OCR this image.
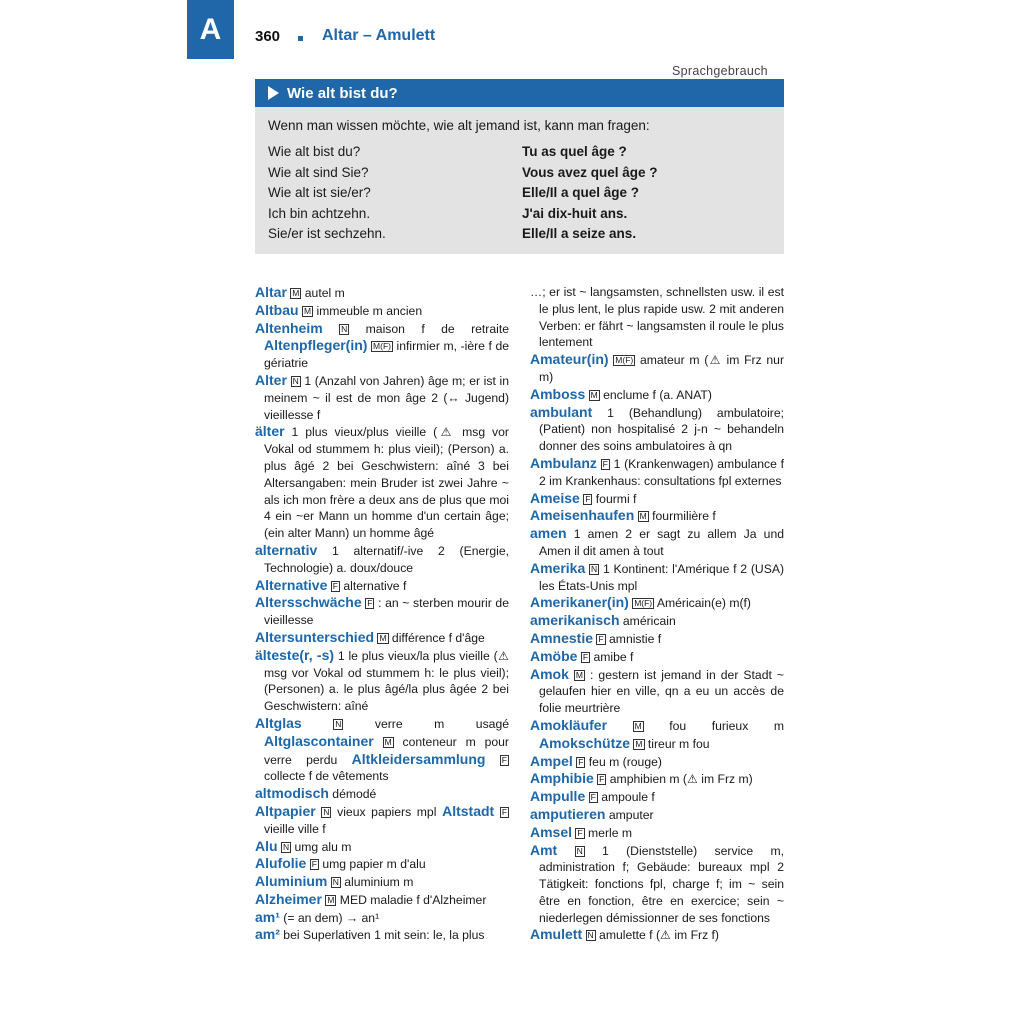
A	360	Altar – Amulett
Sprachgebrauch
Wie alt bist du?
Wenn man wissen möchte, wie alt jemand ist, kann man fragen:
Wie alt bist du?	Tu as quel âge ?
Wie alt sind Sie?	Vous avez quel âge ?
Wie alt ist sie/er?	Elle/Il a quel âge ?
Ich bin achtzehn.	J'ai dix-huit ans.
Sie/er ist sechzehn.	Elle/Il a seize ans.

Altar M autel m

Altbau M immeuble m ancien

Altenheim N maison f de retraite Altenpfleger(in) M(F) infirmier m, -ière f de gériatrie

Alter N 1 (Anzahl von Jahren) âge m; er ist in meinem ~ il est de mon âge 2 (↔ Jugend) vieillesse f

älter 1 plus vieux/plus vieille (⚠ msg vor Vokal od stummem h: plus vieil); (Person) a. plus âgé 2 bei Geschwistern: aîné 3 bei Altersangaben: mein Bruder ist zwei Jahre ~ als ich mon frère a deux ans de plus que moi 4 ein ~er Mann un homme d'un certain âge; (ein alter Mann) un homme âgé

alternativ 1 alternatif/-ive 2 (Energie, Technologie) a. doux/douce

Alternative F alternative f

Altersschwäche F : an ~ sterben mourir de vieillesse

Altersunterschied M différence f d'âge

älteste(r, -s) 1 le plus vieux/la plus vieille (⚠ msg vor Vokal od stummem h: le plus vieil); (Personen) a. le plus âgé/la plus âgée 2 bei Geschwistern: aîné

Altglas	N	verre m usagé Altglascontainer M conteneur m pour verre perdu Altkleidersammlung F collecte f de vêtements

altmodisch démodé

Altpapier N vieux papiers mpl Altstadt F vieille ville f

Alu N umg alu m

Alufolie F umg papier m d'alu

Aluminium N aluminium m

Alzheimer M MED maladie f d'Alzheimer

am¹ (= an dem) → an¹

am² bei Superlativen 1 mit sein: le, la plus

…; er ist ~ langsamsten, schnellsten usw. il est le plus lent, le plus rapide usw. 2 mit anderen Verben: er fährt ~ langsamsten il roule le plus lentement

Amateur(in) M(F) amateur m (⚠ im Frz nur m)

Amboss M enclume f (a. ANAT)

ambulant 1 (Behandlung) ambulatoire; (Patient) non hospitalisé 2 j-n ~ behandeln donner des soins ambulatoires à qn

Ambulanz F 1 (Krankenwagen) ambulance f 2 im Krankenhaus: consultations fpl externes

Ameise F fourmi f

Ameisenhaufen M fourmilière f

amen 1 amen 2 er sagt zu allem Ja und Amen il dit amen à tout

Amerika N 1 Kontinent: l'Amérique f 2 (USA) les États-Unis mpl

Amerikaner(in) M(F) Américain(e) m(f)

amerikanisch américain

Amnestie F amnistie f

Amöbe F amibe f

Amok M : gestern ist jemand in der Stadt ~ gelaufen hier en ville, qn a eu un accès de folie meurtrière

Amokläufer	M fou furieux m Amokschütze M tireur m fou

Ampel F feu m (rouge)

Amphibie F amphibien m (⚠ im Frz m)

Ampulle F ampoule f

amputieren amputer

Amsel F merle m

Amt N 1 (Dienststelle) service m, administration f; Gebäude: bureaux mpl 2 Tätigkeit: fonctions fpl, charge f; im ~ sein être en fonction, être en exercice; sein ~ niederlegen démissionner de ses fonctions

Amulett N amulette f (⚠ im Frz f)
